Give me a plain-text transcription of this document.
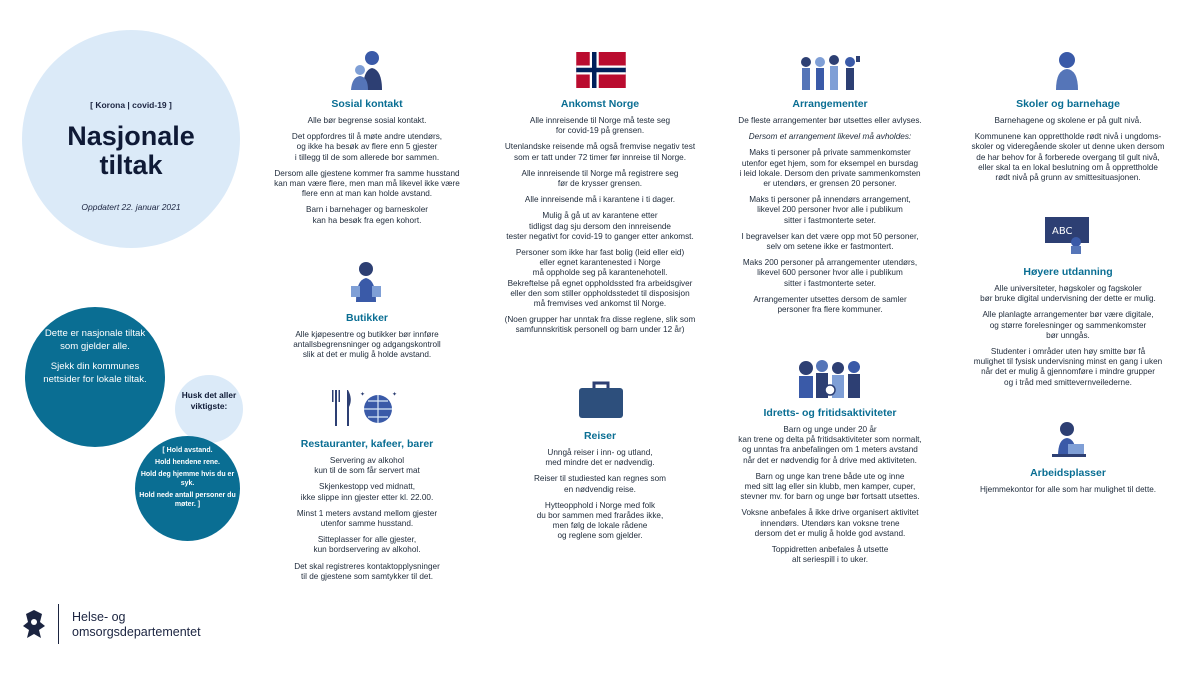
[ Korona | covid-19 ]
Nasjonale
tiltak
Oppdatert 22. januar 2021

Dette er nasjonale tiltak som gjelder alle.

Sjekk din kommunes nettsider for lokale tiltak.

Husk det aller viktigste:
[ Hold avstand.
Hold hendene rene.
Hold deg hjemme hvis du er syk.
Hold nede antall personer du møter. ]
Sosial kontakt

Alle bør begrense sosial kontakt.

Det oppfordres til å møte andre utendørs,
og ikke ha besøk av flere enn 5 gjester
i tillegg til de som allerede bor sammen.

Dersom alle gjestene kommer fra samme husstand
kan man være flere, men man må likevel ikke være
flere enn at man kan holde avstand.

Barn i barnehager og barneskoler
kan ha besøk fra egen kohort.

Butikker

Alle kjøpesentre og butikker bør innføre
antallsbegrensninger og adgangskontroll
slik at det er mulig å holde avstand.

✦	✦
Restauranter, kafeer, barer

Servering av alkohol
kun til de som får servert mat

Skjenkestopp ved midnatt,
ikke slippe inn gjester etter kl. 22.00.

Minst 1 meters avstand mellom gjester
utenfor samme husstand.

Sitteplasser for alle gjester,
kun bordservering av alkohol.

Det skal registreres kontaktopplysninger
til de gjestene som samtykker til det.

Ankomst Norge

Alle innreisende til Norge må teste seg
for covid-19 på grensen.

Utenlandske reisende må også fremvise negativ test
som er tatt under 72 timer før innreise til Norge.

Alle innreisende til Norge må registrere seg
før de krysser grensen.

Alle innreisende må i karantene i ti dager.

Mulig å gå ut av karantene etter
tidligst dag sju dersom den innreisende
tester negativt for covid-19 to ganger etter ankomst.

Personer som ikke har fast bolig (leid eller eid)
eller egnet karantenested i Norge
må oppholde seg på karantenehotell.
Bekreftelse på egnet oppholdssted fra arbeidsgiver
eller den som stiller oppholdsstedet til disposisjon
må fremvises ved ankomst til Norge.

(Noen grupper har unntak fra disse reglene, slik som
samfunnskritisk personell og barn under 12 år)

Reiser

Unngå reiser i inn- og utland,
med mindre det er nødvendig.

Reiser til studiested kan regnes som
en nødvendig reise.

Hytteopphold i Norge med folk
du bor sammen med frarådes ikke,
men følg de lokale rådene
og reglene som gjelder.

Arrangementer

De fleste arrangementer bør utsettes eller avlyses.

Dersom et arrangement likevel må avholdes:

Maks ti personer på private sammenkomster
utenfor eget hjem, som for eksempel en bursdag
i leid lokale. Dersom den private sammenkomsten
er utendørs, er grensen 20 personer.

Maks ti personer på innendørs arrangement,
likevel 200 personer hvor alle i publikum
sitter i fastmonterte seter.

I begravelser kan det være opp mot 50 personer,
selv om setene ikke er fastmontert.

Maks 200 personer på arrangementer utendørs,
likevel 600 personer hvor alle i publikum
sitter i fastmonterte seter.

Arrangementer utsettes dersom de samler
personer fra flere kommuner.

Idretts- og fritidsaktiviteter

Barn og unge under 20 år
kan trene og delta på fritidsaktiviteter som normalt,
og unntas fra anbefalingen om 1 meters avstand
når det er nødvendig for å drive med aktiviteten.

Barn og unge kan trene både ute og inne
med sitt lag eller sin klubb, men kamper, cuper,
stevner mv. for barn og unge bør fortsatt utsettes.

Voksne anbefales å ikke drive organisert aktivitet
innendørs. Utendørs kan voksne trene
dersom det er mulig å holde god avstand.

Toppidretten anbefales å utsette
alt seriespill i to uker.

Skoler og barnehage

Barnehagene og skolene er på gult nivå.

Kommunene kan opprettholde rødt nivå i ungdoms-
skoler og videregående skoler ut denne uken dersom
de har behov for å forberede overgang til gult nivå,
eller skal ta en lokal beslutning om å opprettholde
rødt nivå på grunn av smittesituasjonen.

ABC
Høyere utdanning

Alle universiteter, høgskoler og fagskoler
bør bruke digital undervisning der dette er mulig.

Alle planlagte arrangementer bør være digitale,
og større forelesninger og sammenkomster
bør unngås.

Studenter i områder uten høy smitte bør få
mulighet til fysisk undervisning minst en gang i uken
når det er mulig å gjennomføre i mindre grupper
og i tråd med smittevernveilederne.

Arbeidsplasser

Hjemmekontor for alle som har mulighet til dette.

Helse- og
omsorgsdepartementet
